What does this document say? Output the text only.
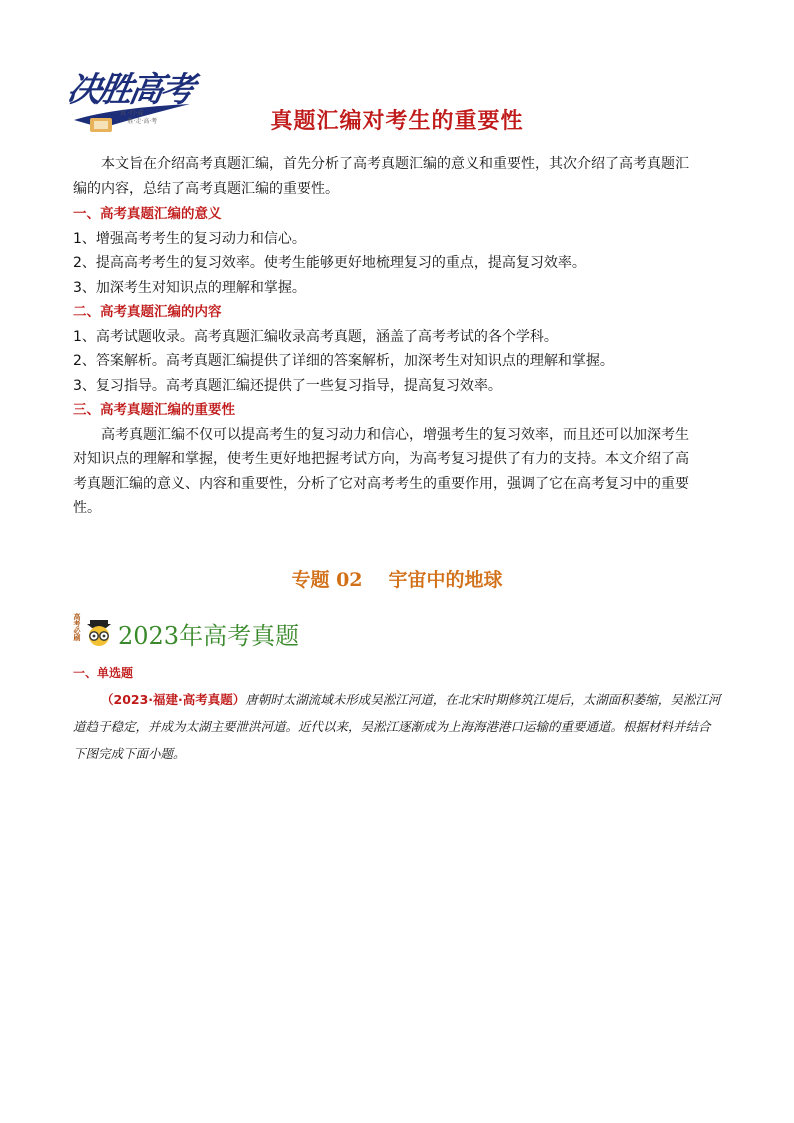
决胜高考
· 真 ·行·成
· · · 胜·走·高·考	真题汇编对考生的重要性
本文旨在介绍高考真题汇编，首先分析了高考真题汇编的意义和重要性，其次介绍了高考真题汇
编的内容，总结了高考真题汇编的重要性。
一、高考真题汇编的意义
1、增强高考考生的复习动力和信心。
2、提高高考考生的复习效率。使考生能够更好地梳理复习的重点，提高复习效率。
3、加深考生对知识点的理解和掌握。
二、高考真题汇编的内容
1、高考试题收录。高考真题汇编收录高考真题，涵盖了高考考试的各个学科。
2、答案解析。高考真题汇编提供了详细的答案解析，加深考生对知识点的理解和掌握。
3、复习指导。高考真题汇编还提供了一些复习指导，提高复习效率。
三、高考真题汇编的重要性
高考真题汇编不仅可以提高考生的复习动力和信心，增强考生的复习效率，而且还可以加深考生
对知识点的理解和掌握，使考生更好地把握考试方向，为高考复习提供了有力的支持。本文介绍了高
考真题汇编的意义、内容和重要性，分析了它对高考考生的重要作用，强调了它在高考复习中的重要
性。
专题 02 宇宙中的地球
高考必刷 2023年高考真题
一、单选题
（2023·福建·高考真题）唐朝时太湖流域未形成吴淞江河道，在北宋时期修筑江堤后，太湖面积萎缩，吴淞江河道趋于稳定，并成为太湖主要泄洪河道。近代以来，吴淞江逐渐成为上海海港港口运输的重要通道。根据材料并结合下图完成下面小题。
